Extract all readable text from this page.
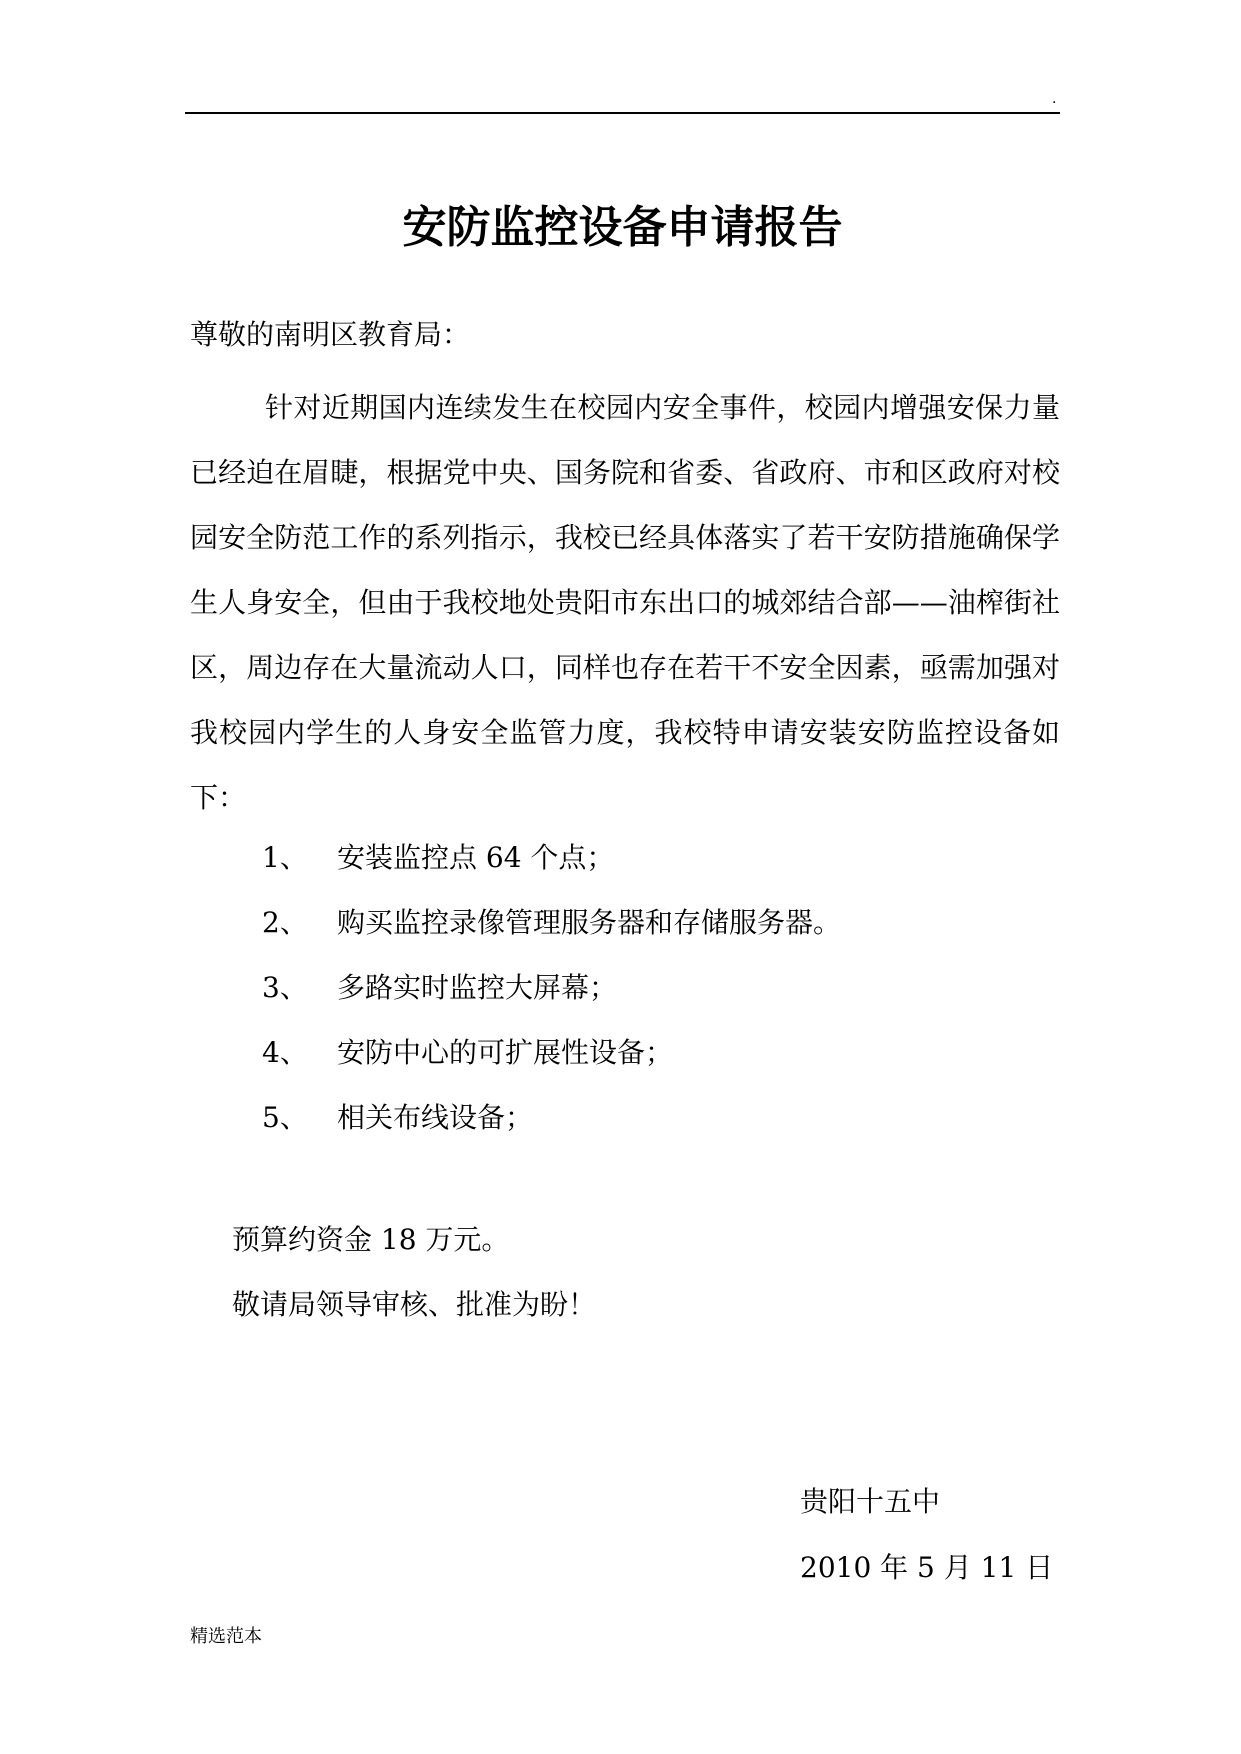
.
安防监控设备申请报告
尊敬的南明区教育局：
针对近期国内连续发生在校园内安全事件，校园内增强安保力量已经迫在眉睫，根据党中央、国务院和省委、省政府、市和区政府对校园安全防范工作的系列指示，我校已经具体落实了若干安防措施确保学生人身安全，但由于我校地处贵阳市东出口的城郊结合部——油榨街社区，周边存在大量流动人口，同样也存在若干不安全因素，亟需加强对我校园内学生的人身安全监管力度，我校特申请安装安防监控设备如下：
1、	安装监控点 64 个点；
2、	购买监控录像管理服务器和存储服务器。
3、	多路实时监控大屏幕；
4、	安防中心的可扩展性设备；
5、	相关布线设备；
预算约资金 18 万元。
敬请局领导审核、批准为盼！
贵阳十五中
2010 年 5 月 11 日
精选范本
